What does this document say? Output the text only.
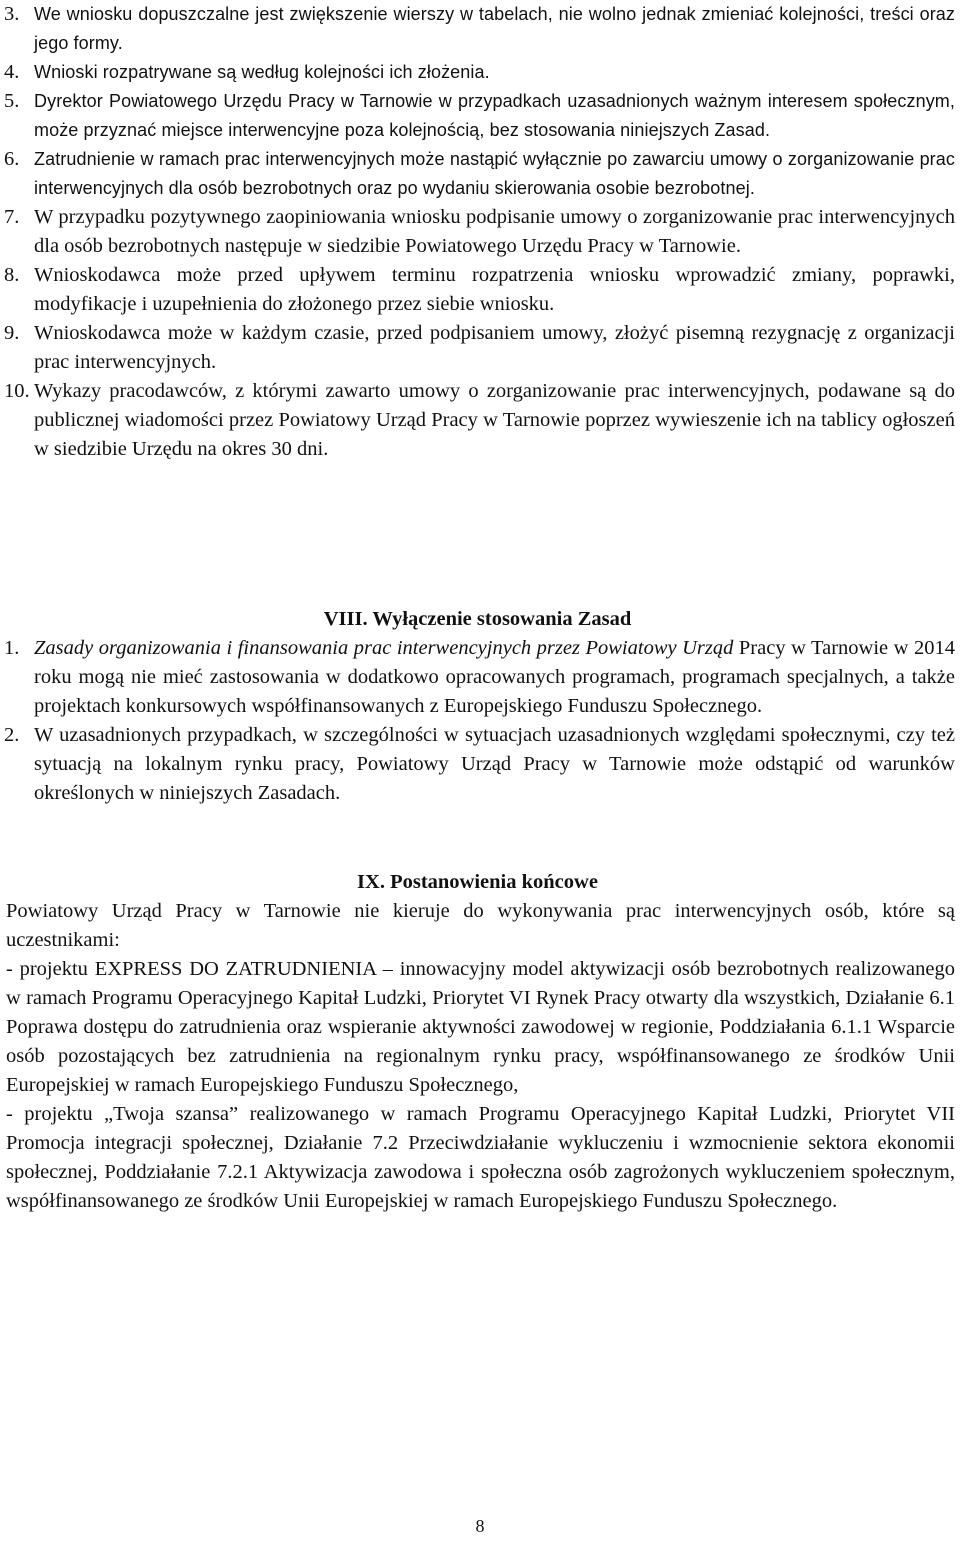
3. We wniosku dopuszczalne jest zwiększenie wierszy w tabelach, nie wolno jednak zmieniać kolejności, treści oraz jego formy.
4. Wnioski rozpatrywane są według kolejności ich złożenia.
5. Dyrektor Powiatowego Urzędu Pracy w Tarnowie w przypadkach uzasadnionych ważnym interesem społecznym, może przyznać miejsce interwencyjne poza kolejnością, bez stosowania niniejszych Zasad.
6. Zatrudnienie w ramach prac interwencyjnych może nastąpić wyłącznie po zawarciu umowy o zorganizowanie prac interwencyjnych dla osób bezrobotnych oraz po wydaniu skierowania osobie bezrobotnej.
7. W przypadku pozytywnego zaopiniowania wniosku podpisanie umowy o zorganizowanie prac interwencyjnych dla osób bezrobotnych następuje w siedzibie Powiatowego Urzędu Pracy w Tarnowie.
8. Wnioskodawca może przed upływem terminu rozpatrzenia wniosku wprowadzić zmiany, poprawki, modyfikacje i uzupełnienia do złożonego przez siebie wniosku.
9. Wnioskodawca może w każdym czasie, przed podpisaniem umowy, złożyć pisemną rezygnację z organizacji prac interwencyjnych.
10. Wykazy pracodawców, z którymi zawarto umowy o zorganizowanie prac interwencyjnych, podawane są do publicznej wiadomości przez Powiatowy Urząd Pracy w Tarnowie poprzez wywieszenie ich na tablicy ogłoszeń w siedzibie Urzędu na okres 30 dni.
VIII. Wyłączenie stosowania Zasad
1. Zasady organizowania i finansowania prac interwencyjnych przez Powiatowy Urząd Pracy w Tarnowie w 2014 roku mogą nie mieć zastosowania w dodatkowo opracowanych programach, programach specjalnych, a także projektach konkursowych współfinansowanych z Europejskiego Funduszu Społecznego.
2. W uzasadnionych przypadkach, w szczególności w sytuacjach uzasadnionych względami społecznymi, czy też sytuacją na lokalnym rynku pracy, Powiatowy Urząd Pracy w Tarnowie może odstąpić od warunków określonych w niniejszych Zasadach.
IX. Postanowienia końcowe

Powiatowy Urząd Pracy w Tarnowie nie kieruje do wykonywania prac interwencyjnych osób, które są uczestnikami:

- projektu EXPRESS DO ZATRUDNIENIA – innowacyjny model aktywizacji osób bezrobotnych realizowanego w ramach Programu Operacyjnego Kapitał Ludzki, Priorytet VI Rynek Pracy otwarty dla wszystkich, Działanie 6.1 Poprawa dostępu do zatrudnienia oraz wspieranie aktywności zawodowej w regionie, Poddziałania 6.1.1 Wsparcie osób pozostających bez zatrudnienia na regionalnym rynku pracy, współfinansowanego ze środków Unii Europejskiej w ramach Europejskiego Funduszu Społecznego,

- projektu „Twoja szansa” realizowanego w ramach Programu Operacyjnego Kapitał Ludzki, Priorytet VII Promocja integracji społecznej, Działanie 7.2 Przeciwdziałanie wykluczeniu i wzmocnienie sektora ekonomii społecznej, Poddziałanie 7.2.1 Aktywizacja zawodowa i społeczna osób zagrożonych wykluczeniem społecznym, współfinansowanego ze środków Unii Europejskiej w ramach Europejskiego Funduszu Społecznego.

8
